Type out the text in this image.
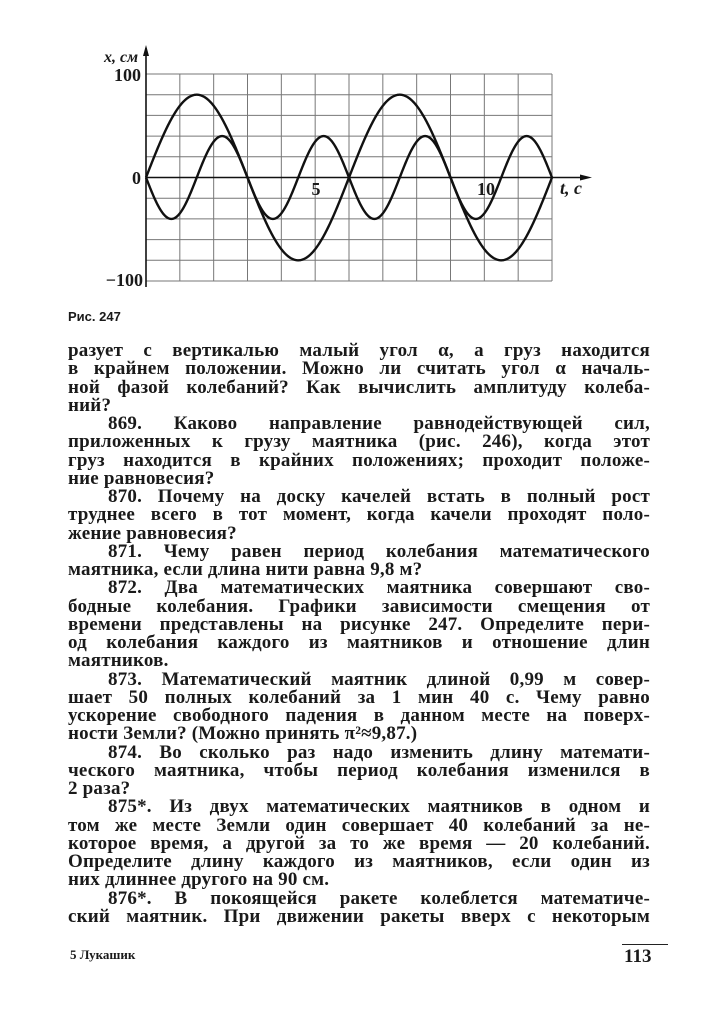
x, см
100
0
−100
5	10	t, с
Рис. 247
разует с вертикалью малый угол α, а груз находится
в крайнем положении. Можно ли считать угол α началь-
ной фазой колебаний? Как вычислить амплитуду колеба-
ний?
869. Каково направление равнодействующей сил,
приложенных к грузу маятника (рис. 246), когда этот
груз находится в крайних положениях; проходит положе-
ние равновесия?
870. Почему на доску качелей встать в полный рост
труднее всего в тот момент, когда качели проходят поло-
жение равновесия?
871. Чему равен период колебания математического
маятника, если длина нити равна 9,8 м?
872. Два математических маятника совершают сво-
бодные колебания. Графики зависимости смещения от
времени представлены на рисунке 247. Определите пери-
од колебания каждого из маятников и отношение длин
маятников.
873. Математический маятник длиной 0,99 м совер-
шает 50 полных колебаний за 1 мин 40 с. Чему равно
ускорение свободного падения в данном месте на поверх-
ности Земли? (Можно принять π²≈9,87.)
874. Во сколько раз надо изменить длину математи-
ческого маятника, чтобы период колебания изменился в
2 раза?
875*. Из двух математических маятников в одном и
том же месте Земли один совершает 40 колебаний за не-
которое время, а другой за то же время — 20 колебаний.
Определите длину каждого из маятников, если один из
них длиннее другого на 90 см.
876*. В покоящейся ракете колеблется математиче-
ский маятник. При движении ракеты вверх с некоторым
5 Лукашик	113
